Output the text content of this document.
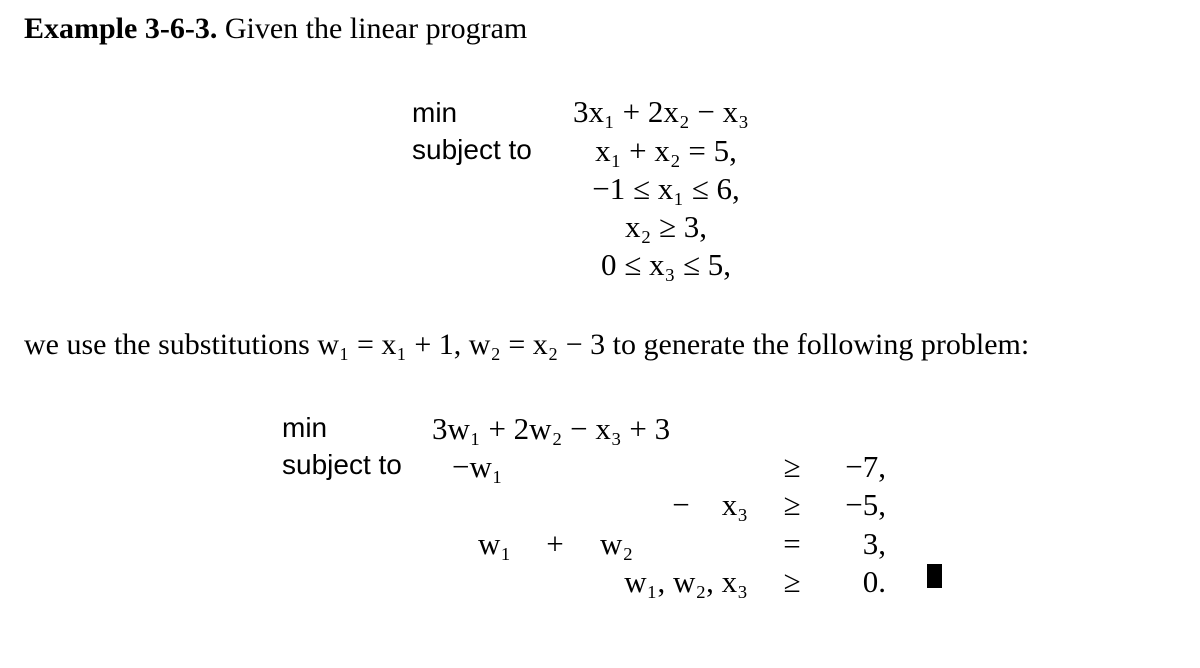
Example 3-6-3. Given the linear program
min
subject to
3x₁ + 2x₂ − x₃
x₁ + x₂ = 5,
−1 ≤ x₁ ≤ 6,
x₂ ≥ 3,
0 ≤ x₃ ≤ 5,
we use the substitutions w₁ = x₁ + 1, w₂ = x₂ − 3 to generate the following problem:
min
subject to
3w₁ + 2w₂ − x₃ + 3
−w₁	≥ −7,
− x₃ ≥ −5,
w₁ + w₂	= 3,
w₁, w₂, x₃ ≥ 0.
